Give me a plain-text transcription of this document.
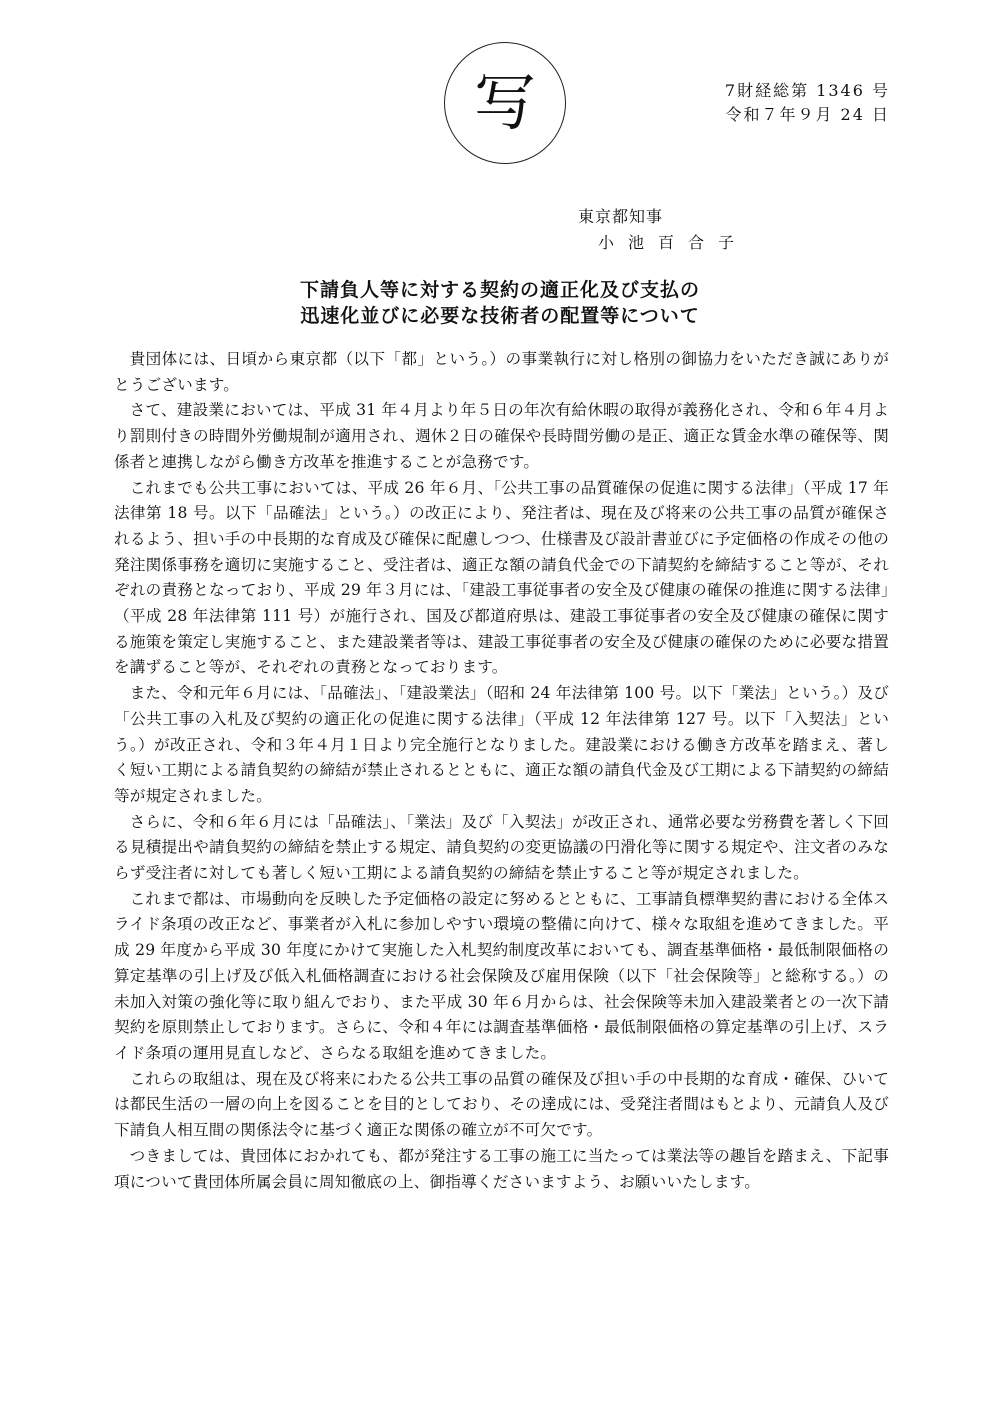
写	7財経総第 1346 号
令和７年９月 24 日
東京都知事
小池百合子
下請負人等に対する契約の適正化及び支払の
迅速化並びに必要な技術者の配置等について

貴団体には、日頃から東京都（以下「都」という。）の事業執行に対し格別の御協力をいただき誠にありがとうございます。

さて、建設業においては、平成 31 年４月より年５日の年次有給休暇の取得が義務化され、令和６年４月より罰則付きの時間外労働規制が適用され、週休２日の確保や長時間労働の是正、適正な賃金水準の確保等、関係者と連携しながら働き方改革を推進することが急務です。

これまでも公共工事においては、平成 26 年６月、「公共工事の品質確保の促進に関する法律」（平成 17 年法律第 18 号。以下「品確法」という。）の改正により、発注者は、現在及び将来の公共工事の品質が確保されるよう、担い手の中長期的な育成及び確保に配慮しつつ、仕様書及び設計書並びに予定価格の作成その他の発注関係事務を適切に実施すること、受注者は、適正な額の請負代金での下請契約を締結すること等が、それぞれの責務となっており、平成 29 年３月には、「建設工事従事者の安全及び健康の確保の推進に関する法律」（平成 28 年法律第 111 号）が施行され、国及び都道府県は、建設工事従事者の安全及び健康の確保に関する施策を策定し実施すること、また建設業者等は、建設工事従事者の安全及び健康の確保のために必要な措置を講ずること等が、それぞれの責務となっております。

また、令和元年６月には、「品確法」、「建設業法」（昭和 24 年法律第 100 号。以下「業法」という。）及び「公共工事の入札及び契約の適正化の促進に関する法律」（平成 12 年法律第 127 号。以下「入契法」という。）が改正され、令和３年４月１日より完全施行となりました。建設業における働き方改革を踏まえ、著しく短い工期による請負契約の締結が禁止されるとともに、適正な額の請負代金及び工期による下請契約の締結等が規定されました。

さらに、令和６年６月には「品確法」、「業法」及び「入契法」が改正され、通常必要な労務費を著しく下回る見積提出や請負契約の締結を禁止する規定、請負契約の変更協議の円滑化等に関する規定や、注文者のみならず受注者に対しても著しく短い工期による請負契約の締結を禁止すること等が規定されました。

これまで都は、市場動向を反映した予定価格の設定に努めるとともに、工事請負標準契約書における全体スライド条項の改正など、事業者が入札に参加しやすい環境の整備に向けて、様々な取組を進めてきました。平成 29 年度から平成 30 年度にかけて実施した入札契約制度改革においても、調査基準価格・最低制限価格の算定基準の引上げ及び低入札価格調査における社会保険及び雇用保険（以下「社会保険等」と総称する。）の未加入対策の強化等に取り組んでおり、また平成 30 年６月からは、社会保険等未加入建設業者との一次下請契約を原則禁止しております。さらに、令和４年には調査基準価格・最低制限価格の算定基準の引上げ、スライド条項の運用見直しなど、さらなる取組を進めてきました。

これらの取組は、現在及び将来にわたる公共工事の品質の確保及び担い手の中長期的な育成・確保、ひいては都民生活の一層の向上を図ることを目的としており、その達成には、受発注者間はもとより、元請負人及び下請負人相互間の関係法令に基づく適正な関係の確立が不可欠です。

つきましては、貴団体におかれても、都が発注する工事の施工に当たっては業法等の趣旨を踏まえ、下記事項について貴団体所属会員に周知徹底の上、御指導くださいますよう、お願いいたします。
